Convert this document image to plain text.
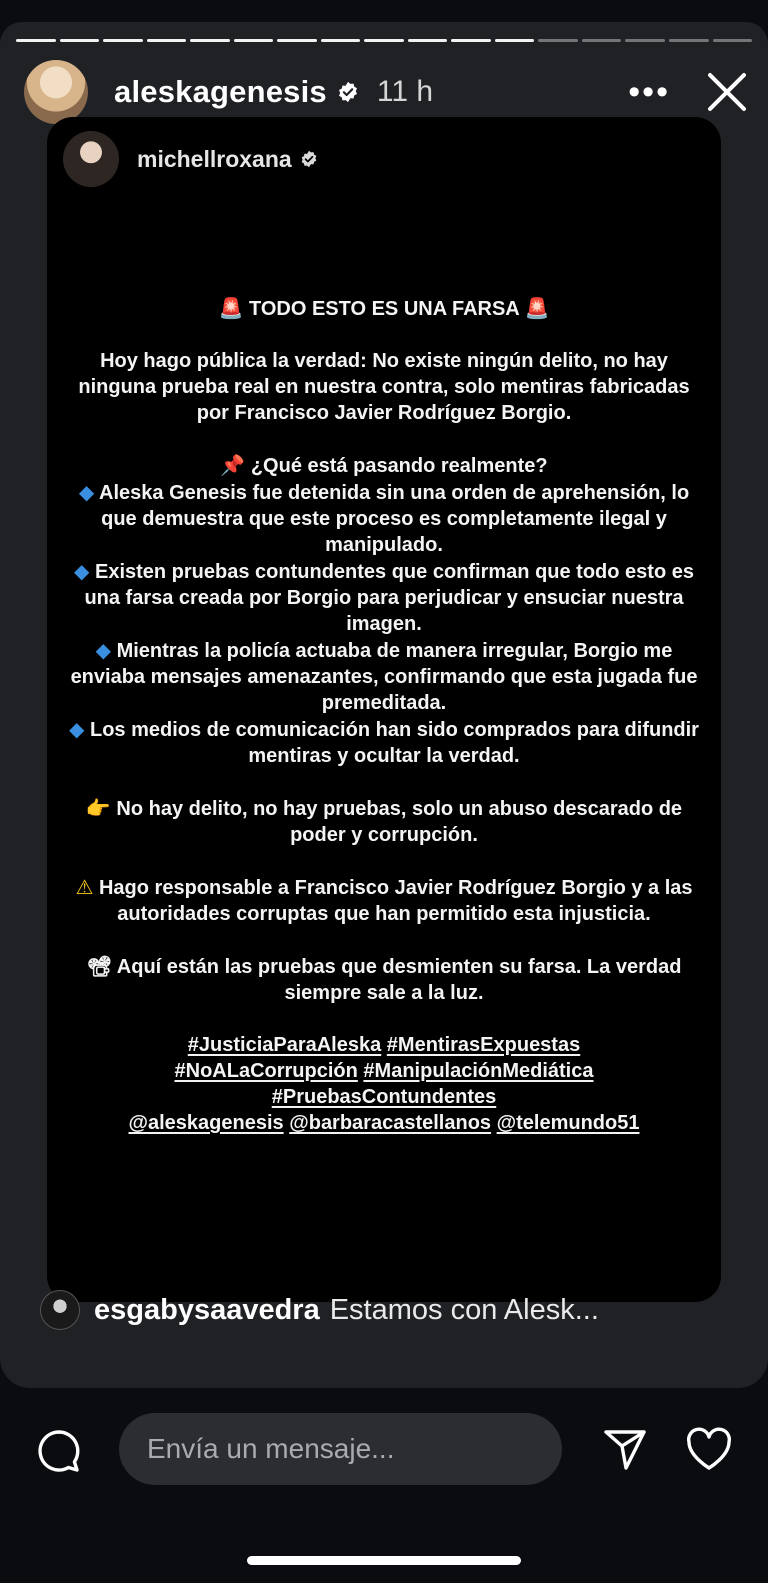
aleskagenesis 11 h	•••
michellroxana

🚨 TODO ESTO ES UNA FARSA 🚨

Hoy hago pública la verdad: No existe ningún delito, no hay ninguna prueba real en nuestra contra, solo mentiras fabricadas por Francisco Javier Rodríguez Borgio.

📌 ¿Qué está pasando realmente?

◆ Aleska Genesis fue detenida sin una orden de aprehensión, lo que demuestra que este proceso es completamente ilegal y manipulado.

◆ Existen pruebas contundentes que confirman que todo esto es una farsa creada por Borgio para perjudicar y ensuciar nuestra imagen.

◆ Mientras la policía actuaba de manera irregular, Borgio me enviaba mensajes amenazantes, confirmando que esta jugada fue premeditada.

◆ Los medios de comunicación han sido comprados para difundir mentiras y ocultar la verdad.

👉 No hay delito, no hay pruebas, solo un abuso descarado de poder y corrupción.

⚠ Hago responsable a Francisco Javier Rodríguez Borgio y a las autoridades corruptas que han permitido esta injusticia.

📽 Aquí están las pruebas que desmienten su farsa. La verdad siempre sale a la luz.

#JusticiaParaAleska #MentirasExpuestas

#NoALaCorrupción #ManipulaciónMediática

#PruebasContundentes

@aleskagenesis @barbaracastellanos @telemundo51

esgabysaavedra Estamos con Alesk...
Envía un mensaje...
